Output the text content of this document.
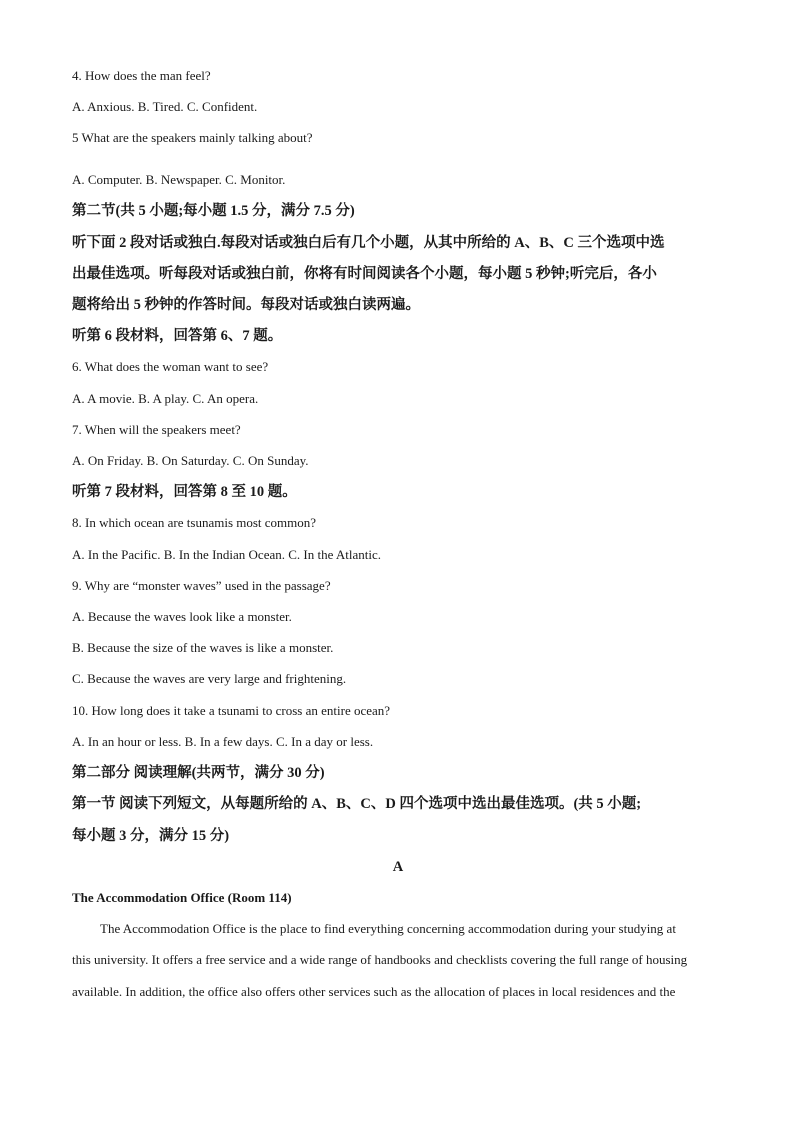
4. How does the man feel?
A. Anxious. B. Tired. C. Confident.
5 What are the speakers mainly talking about?
A. Computer. B. Newspaper. C. Monitor.
第二节(共 5 小题;每小题 1.5 分，满分 7.5 分)
听下面 2 段对话或独白.每段对话或独白后有几个小题，从其中所给的 A、B、C 三个选项中选
出最佳选项。听每段对话或独白前，你将有时间阅读各个小题，每小题 5 秒钟;听完后，各小
题将给出 5 秒钟的作答时间。每段对话或独白读两遍。
听第 6 段材料，回答第 6、7 题。
6. What does the woman want to see?
A. A movie. B. A play. C. An opera.
7. When will the speakers meet?
A. On Friday. B. On Saturday. C. On Sunday.
听第 7 段材料，回答第 8 至 10 题。
8. In which ocean are tsunamis most common?
A. In the Pacific. B. In the Indian Ocean. C. In the Atlantic.
9. Why are “monster waves” used in the passage?
A. Because the waves look like a monster.
B. Because the size of the waves is like a monster.
C. Because the waves are very large and frightening.
10. How long does it take a tsunami to cross an entire ocean?
A. In an hour or less. B. In a few days. C. In a day or less.
第二部分 阅读理解(共两节，满分 30 分)
第一节 阅读下列短文，从每题所给的 A、B、C、D 四个选项中选出最佳选项。(共 5 小题;
每小题 3 分，满分 15 分)
A
The Accommodation Office (Room 114)
The Accommodation Office is the place to find everything concerning accommodation during your studying at
this university. It offers a free service and a wide range of handbooks and checklists covering the full range of housing
available. In addition, the office also offers other services such as the allocation of places in local residences and the
